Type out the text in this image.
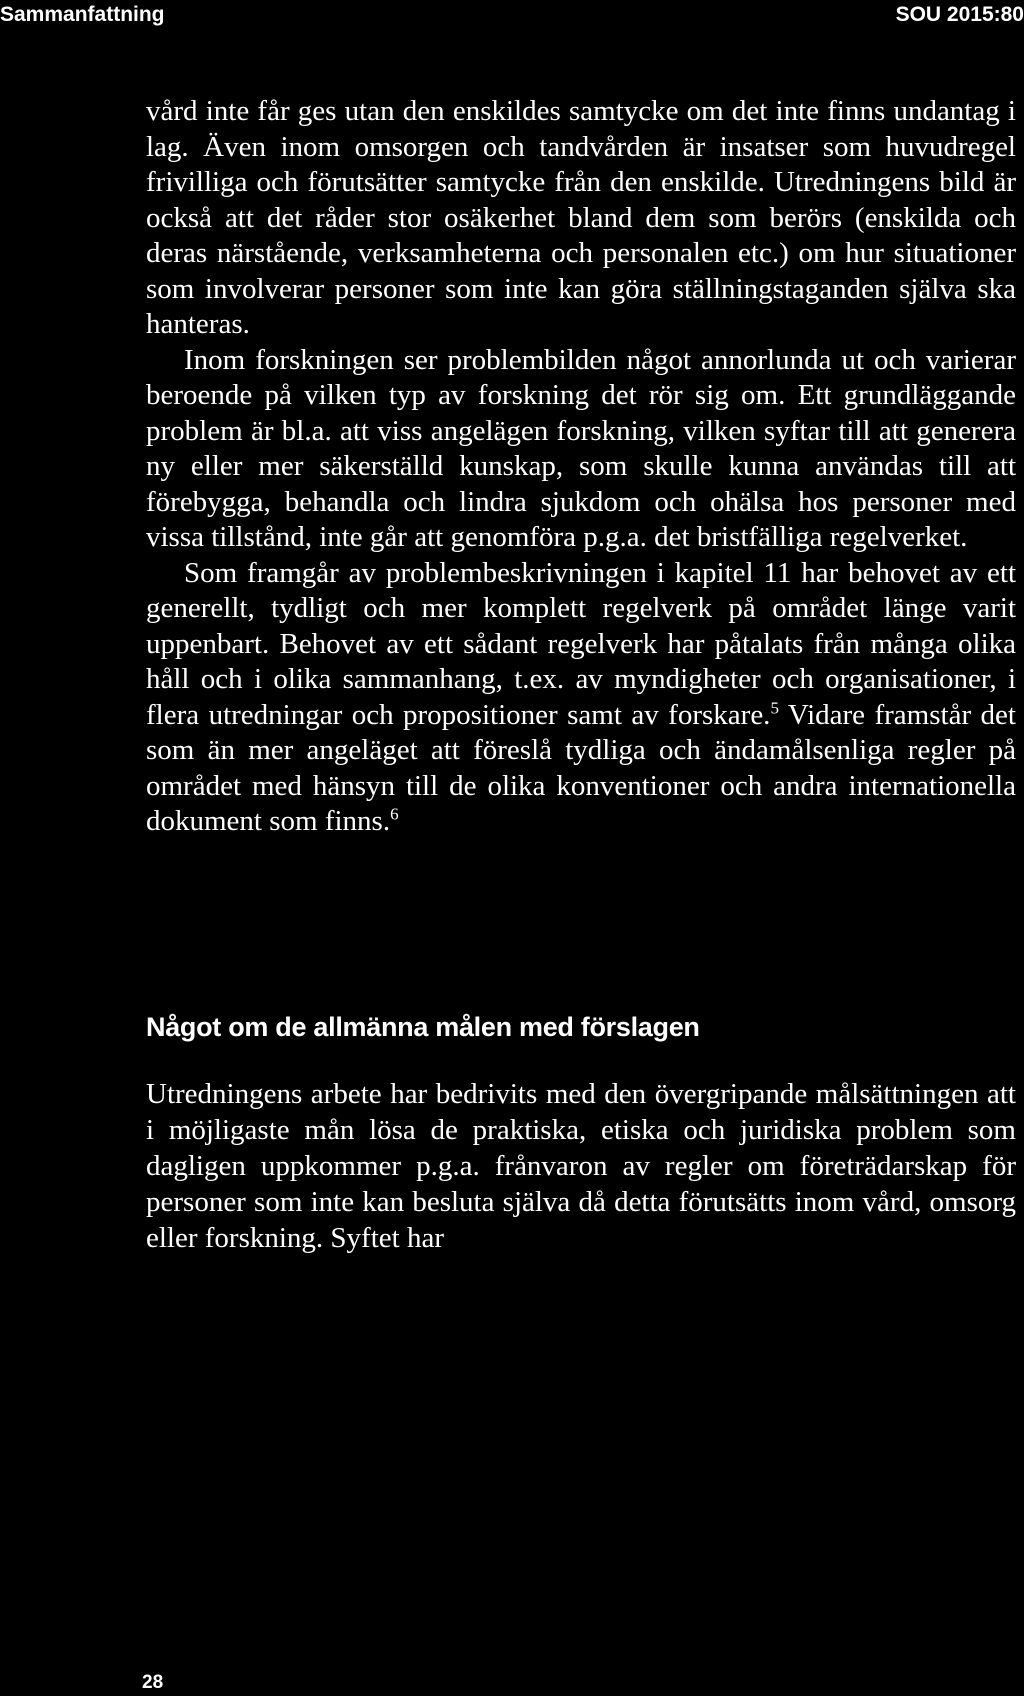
Sammanfattning	SOU 2015:80

vård inte får ges utan den enskildes samtycke om det inte finns undantag i lag. Även inom omsorgen och tandvården är insatser som huvudregel frivilliga och förutsätter samtycke från den enskilde. Utredningens bild är också att det råder stor osäkerhet bland dem som berörs (enskilda och deras närstående, verksamheterna och personalen etc.) om hur situationer som involverar personer som inte kan göra ställningstaganden själva ska hanteras.

Inom forskningen ser problembilden något annorlunda ut och varierar beroende på vilken typ av forskning det rör sig om. Ett grundläggande problem är bl.a. att viss angelägen forskning, vilken syftar till att generera ny eller mer säkerställd kunskap, som skulle kunna användas till att förebygga, behandla och lindra sjukdom och ohälsa hos personer med vissa tillstånd, inte går att genomföra p.g.a. det bristfälliga regelverket.

Som framgår av problembeskrivningen i kapitel 11 har behovet av ett generellt, tydligt och mer komplett regelverk på området länge varit uppenbart. Behovet av ett sådant regelverk har påtalats från många olika håll och i olika sammanhang, t.ex. av myndigheter och organisationer, i flera utredningar och propositioner samt av forskare.$^5$ Vidare framstår det som än mer angeläget att föreslå tydliga och ändamålsenliga regler på området med hänsyn till de olika konventioner och andra internationella dokument som finns.$^6$

Något om de allmänna målen med förslagen

Utredningens arbete har bedrivits med den övergripande målsättningen att i möjligaste mån lösa de praktiska, etiska och juridiska problem som dagligen uppkommer p.g.a. frånvaron av regler om företrädarskap för personer som inte kan besluta själva då detta förutsätts inom vård, omsorg eller forskning. Syftet har

28
